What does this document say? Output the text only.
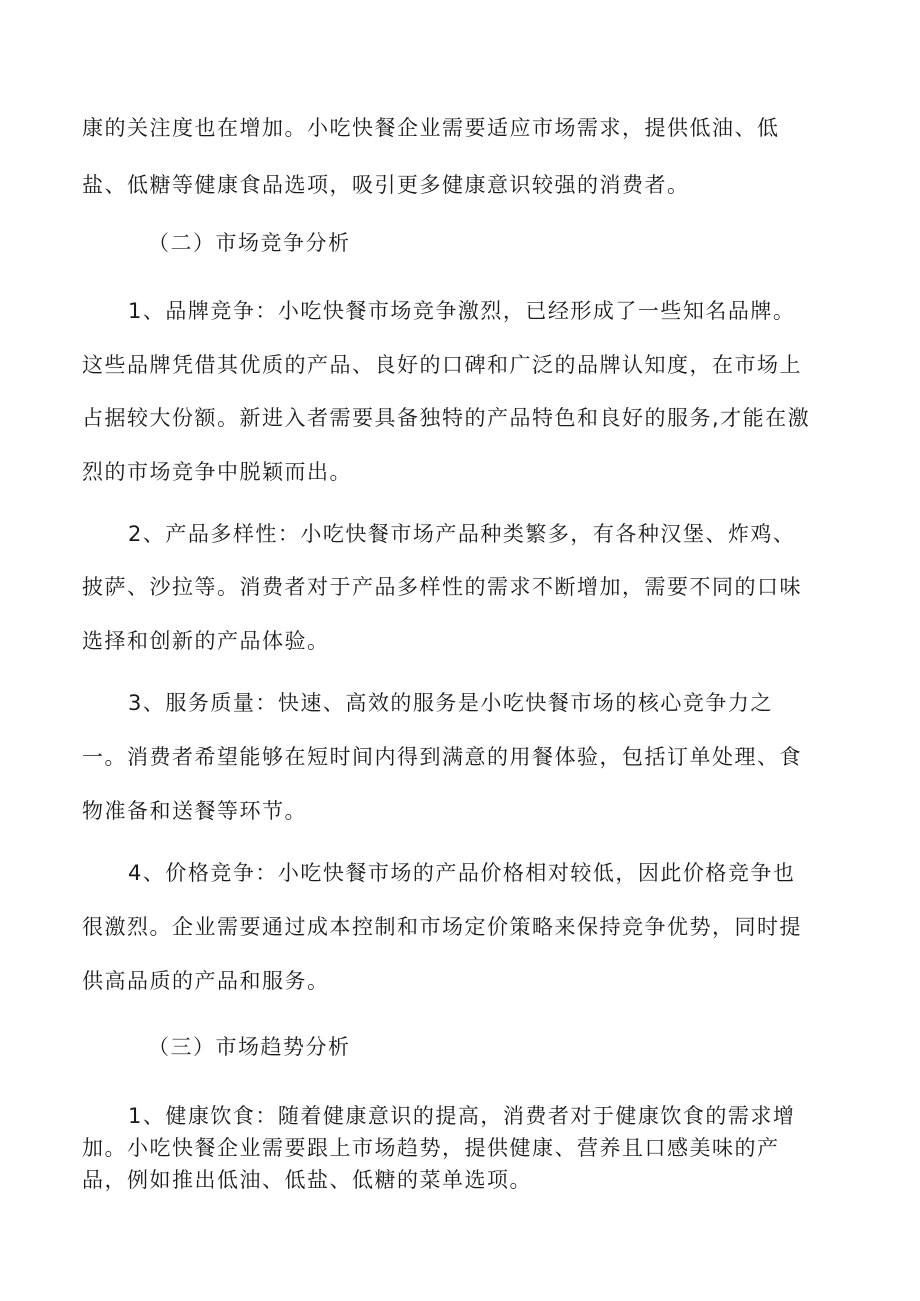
康的关注度也在增加。小吃快餐企业需要适应市场需求，提供低油、低
盐、低糖等健康食品选项，吸引更多健康意识较强的消费者。
（二）市场竞争分析
1、品牌竞争：小吃快餐市场竞争激烈，已经形成了一些知名品牌。
这些品牌凭借其优质的产品、良好的口碑和广泛的品牌认知度，在市场上
占据较大份额。新进入者需要具备独特的产品特色和良好的服务,才能在激
烈的市场竞争中脱颖而出。
2、产品多样性：小吃快餐市场产品种类繁多，有各种汉堡、炸鸡、
披萨、沙拉等。消费者对于产品多样性的需求不断增加，需要不同的口味
选择和创新的产品体验。
3、服务质量：快速、高效的服务是小吃快餐市场的核心竞争力之
一。消费者希望能够在短时间内得到满意的用餐体验，包括订单处理、食
物准备和送餐等环节。
4、价格竞争：小吃快餐市场的产品价格相对较低，因此价格竞争也
很激烈。企业需要通过成本控制和市场定价策略来保持竞争优势，同时提
供高品质的产品和服务。
（三）市场趋势分析
1、健康饮食：随着健康意识的提高，消费者对于健康饮食的需求增
加。小吃快餐企业需要跟上市场趋势，提供健康、营养且口感美味的产
品，例如推出低油、低盐、低糖的菜单选项。
